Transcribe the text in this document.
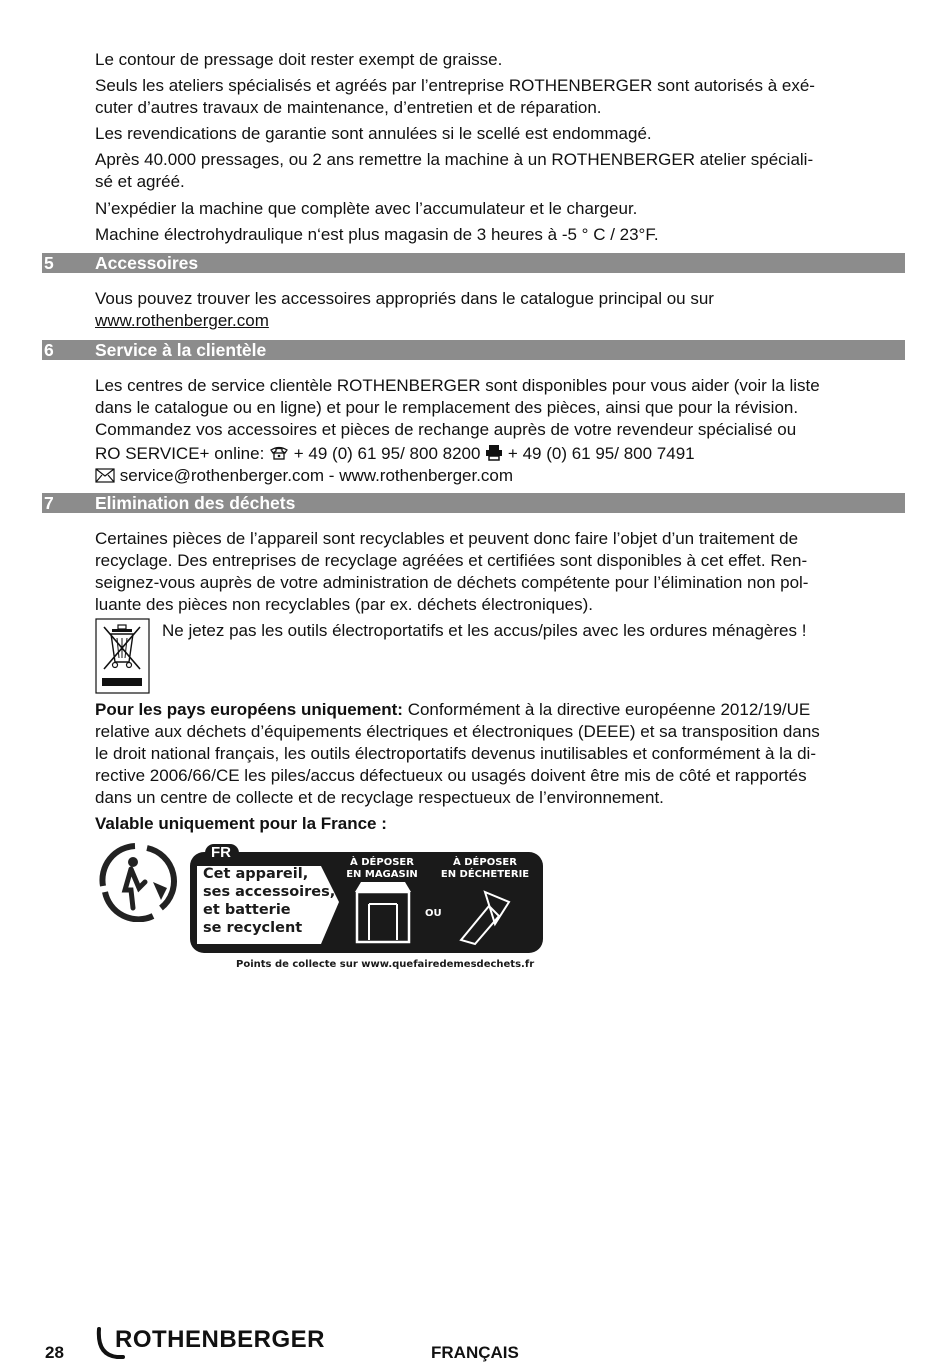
Le contour de pressage doit rester exempt de graisse.

Seuls les ateliers spécialisés et agréés par l’entreprise ROTHENBERGER sont autorisés à exé-

cuter d’autres travaux de maintenance, d’entretien et de réparation.

Les revendications de garantie sont annulées si le scellé est endommagé.

Après 40.000 pressages, ou 2 ans remettre la machine à un ROTHENBERGER atelier spéciali-

sé et agréé.

N’expédier la machine que complète avec l’accumulateur et le chargeur.

Machine électrohydraulique n‘est plus magasin de 3 heures à -5 ° C / 23°F.

5 Accessoires

Vous pouvez trouver les accessoires appropriés dans le catalogue principal ou sur

www.rothenberger.com

6 Service à la clientèle

Les centres de service clientèle ROTHENBERGER sont disponibles pour vous aider (voir la liste

dans le catalogue ou en ligne) et pour le remplacement des pièces, ainsi que pour la révision.

Commandez vos accessoires et pièces de rechange auprès de votre revendeur spécialisé ou

RO SERVICE+ online: + 49 (0) 61 95/ 800 8200 + 49 (0) 61 95/ 800 7491

service@rothenberger.com - www.rothenberger.com

7 Elimination des déchets

Certaines pièces de l’appareil sont recyclables et peuvent donc faire l’objet d’un traitement de

recyclage. Des entreprises de recyclage agréées et certifiées sont disponibles à cet effet. Ren-

seignez-vous auprès de votre administration de déchets compétente pour l’élimination non pol-

luante des pièces non recyclables (par ex. déchets électroniques).

Ne jetez pas les outils électroportatifs et les accus/piles avec les ordures ménagères !

Pour les pays européens uniquement: Conformément à la directive européenne 2012/19/UE

relative aux déchets d’équipements électriques et électroniques (DEEE) et sa transposition dans

le droit national français, les outils électroportatifs devenus inutilisables et conformément à la di-

rective 2006/66/CE les piles/accus défectueux ou usagés doivent être mis de côté et rapportés

dans un centre de collecte et de recyclage respectueux de l’environnement.

Valable uniquement pour la France :

FR
Cet appareil,
ses accessoires,
et batterie
se recyclent
À DÉPOSER
EN MAGASIN
À DÉPOSER
EN DÉCHETERIE
OU
Points de collecte sur www.quefairedemesdechets.fr
28 ROTHENBERGER	FRANÇAIS
